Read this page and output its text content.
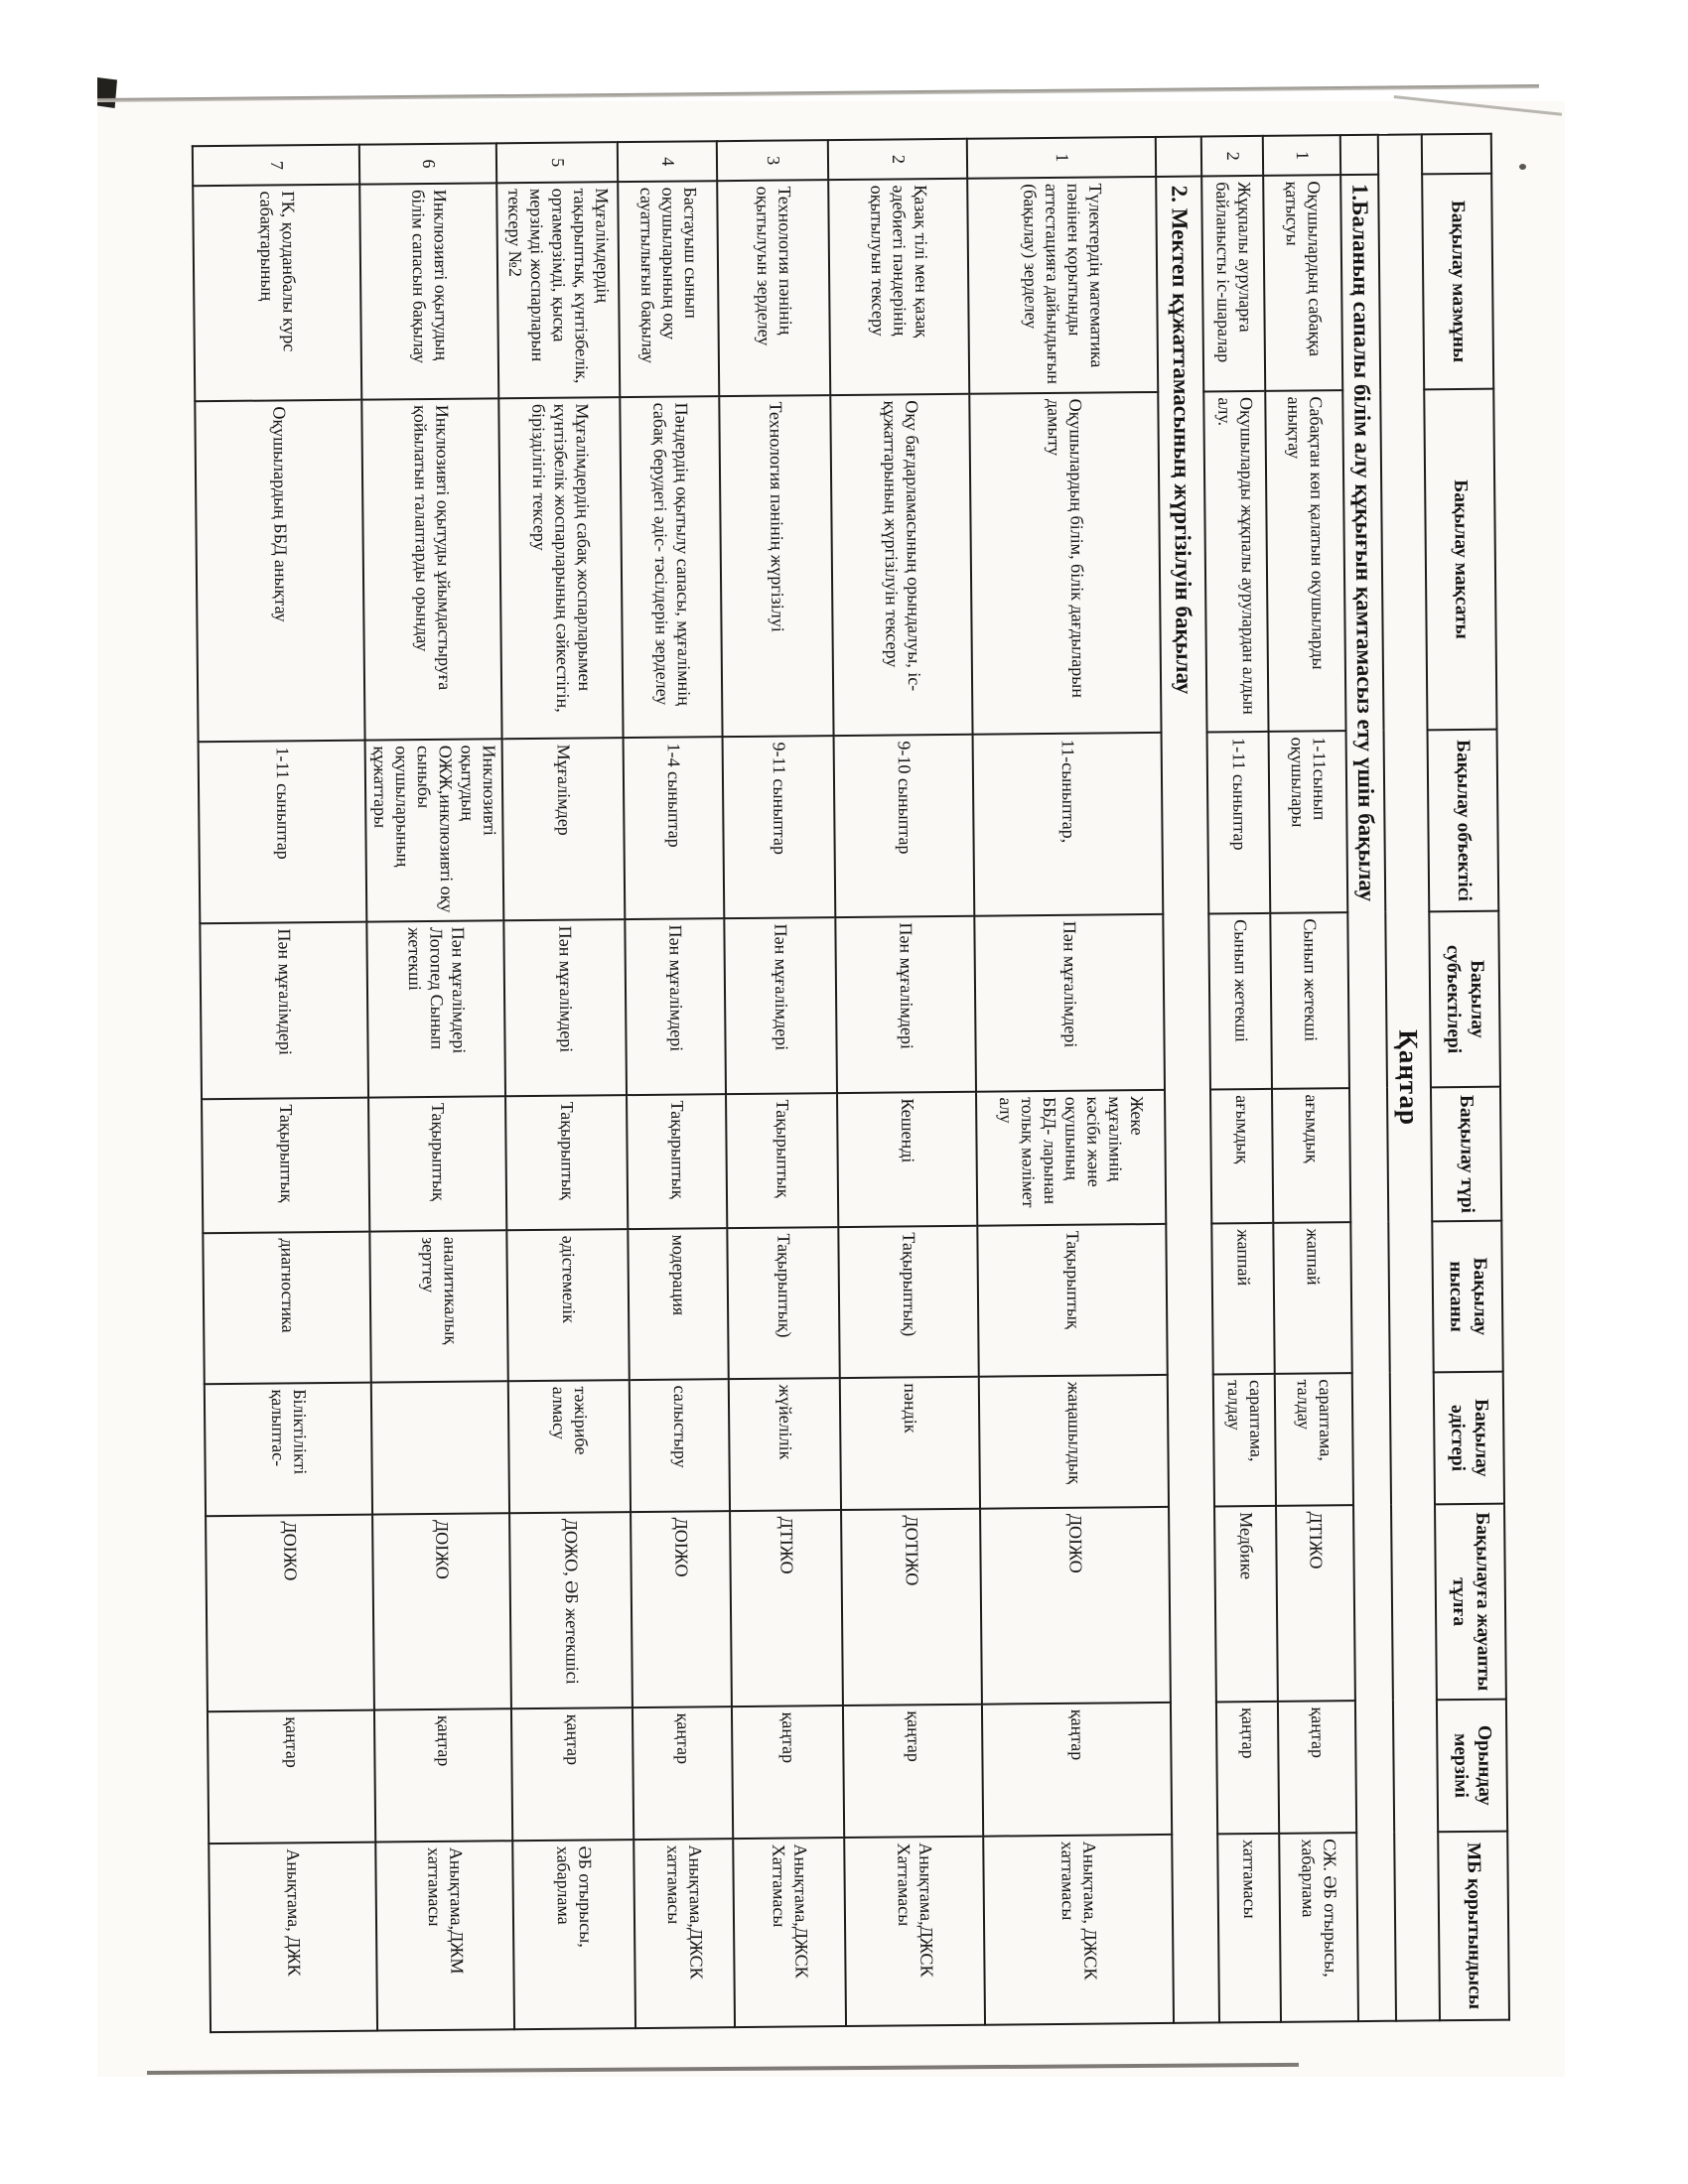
	Бақылау мазмұны	Бақылау мақсаты	Бақылау объектісі	Бақылау субъектілері	Бақылау түрі	Бақылау нысаны	Бақылау әдістері	Бақылауға жауапты тұлға	Орындау мерзімі	МБ қорытындысы
Қаңтар										
	1.Баланың сапалы білім алу құқығын қамтамасыз ету үшін бақылау									
1	Оқушылардың сабаққа қатысуы	Сабақтан көп қалатын оқушыларды анықтау	1-11сынып оқушылары	Сынып жетекші	ағымдық	жаппай	сараптама, талдау	ДТІЖО	қаңтар	СЖ. ӘБ отырысы, хабарлама
2	Жұқпалы ауруларға байланысты іс-шаралар	Оқушыларды жұқпалы аурулардан алдын алу.	1-11 сыныптар	Сынып жетекші	ағымдық	жаппай	сараптама, талдау	Медбике	қаңтар	хаттамасы
	2. Мектеп құжаттамасының жүргізілуін бақылау									
1	Түлектердің математика пәнінен қорытынды аттестацияға дайындығын (бақылау) зерделеу	Оқушылардың білім, білік дағдыларын дамыту	11-сыныптар,	Пән мұғалімдері	Жеке мұғалімнің кәсіби және оқушының ББД- ларынан толық мәлімет алу	Тақырыптық	жаңашылдық	ДОІЖО	қаңтар	Анықтама, ДЖСК хаттамасы
2	Қазақ тілі мен қазақ әдебиеті пәндерінің оқытылуын тексеру	Оқу бағдарламасының орындалуы, іс- құжаттарының жүргізілуін тексеру	9-10 сыныптар	Пән мұғалімдері	Кешенді	Тақырыптық)	пәндік	ДОТІЖО	қаңтар	Анықтама,ДЖСК Хаттамасы
3	Технология пәнінің оқытылуын зерделеу	Технология пәнінің жүргізілуі	9-11 сыныптар	Пән мұғалімдері	Тақырыптық	Тақырыптық)	жүйелілік	ДТІЖО	қаңтар	Анықтама,ДЖСК Хаттамасы
4	Бастауыш сынып оқушыларының оқу сауаттылығын бақылау	Пәндердің оқытылу сапасы, мұғалімнің сабақ берудегі әдіс- тәсілдерін зерделеу	1-4 сыныптар	Пән мұғалімдері	Тақырыптық	модерация	салыстыру	ДОІЖО	қаңтар	Анықтама,ДЖСК хаттамасы
5	Мұғалімдердің тақырыптық, күнтізбелік, ортамерзімді, қысқа мерзімді жоспарларын тексеру №2	Мұғалімдердің сабақ жоспарларымен күнтізбелік жоспарларының сәйкестігін, бірізділігін тексеру	Мұғалімдер	Пән мұғалімдері	Тақырыптық	әдістемелік	тәжірибе алмасу	ДОЖО, ӘБ жетекшісі	қаңтар	ӘБ отырысы, хабарлама
6	Инклюзивті оқытудың білім сапасын бақылау	Инклюзивті оқытуды ұйымдастыруға қойылатын талаптарды орындау	Инклюзивті оқытудың ОЖЖ,инклюзивті оқу сыныбы оқушыларының құжаттары	Пән мұғалімдері Логопед Сынып жетекші	Тақырыптық	аналитикалық зерттеу		ДОІЖО	қаңтар	Анықтама,ДЖМ хаттамасы
7	ГК, қолданбалы курс сабақтарының	Оқушылардың ББД анықтау	1-11 сыныптар	Пән мұғалімдері	Тақырыптық	диагностика	Біліктілікті қалыптас-	ДОІЖО	қаңтар	Анықтама, ДЖК
